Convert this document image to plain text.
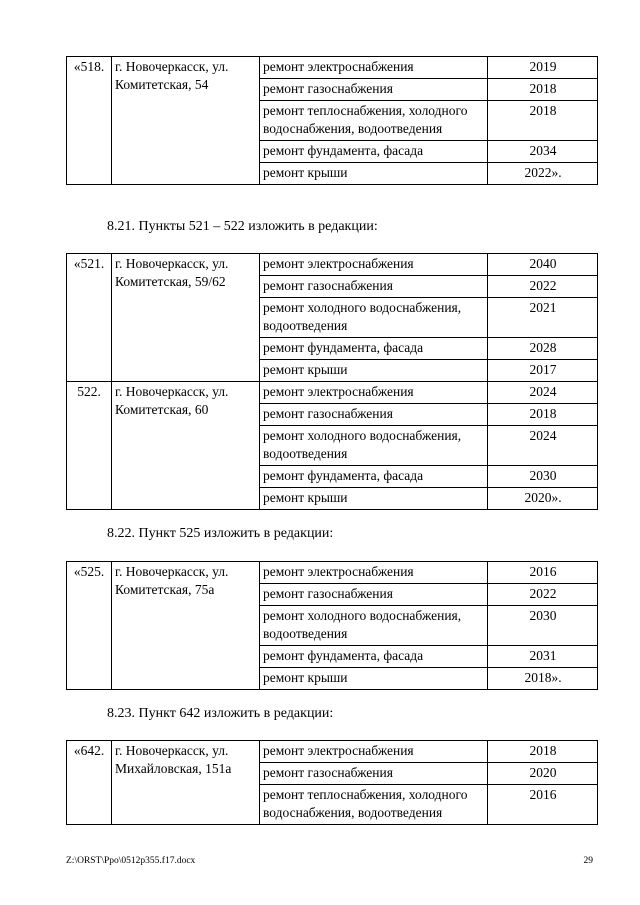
«518.	г. Новочеркасск, ул. Комитетская, 54	ремонт электроснабжения	2019
		ремонт газоснабжения	2018
		ремонт теплоснабжения, холодного водоснабжения, водоотведения	2018
		ремонт фундамента, фасада	2034
		ремонт крыши	2022».

8.21. Пункты 521 – 522 изложить в редакции:

«521.	г. Новочеркасск, ул. Комитетская, 59/62	ремонт электроснабжения	2040
		ремонт газоснабжения	2022
		ремонт холодного водоснабжения, водоотведения	2021
		ремонт фундамента, фасада	2028
		ремонт крыши	2017
522.	г. Новочеркасск, ул. Комитетская, 60	ремонт электроснабжения	2024
		ремонт газоснабжения	2018
		ремонт холодного водоснабжения, водоотведения	2024
		ремонт фундамента, фасада	2030
		ремонт крыши	2020».

8.22. Пункт 525 изложить в редакции:

«525.	г. Новочеркасск, ул. Комитетская, 75а	ремонт электроснабжения	2016
		ремонт газоснабжения	2022
		ремонт холодного водоснабжения, водоотведения	2030
		ремонт фундамента, фасада	2031
		ремонт крыши	2018».

8.23. Пункт 642 изложить в редакции:

«642.	г. Новочеркасск, ул. Михайловская, 151а	ремонт электроснабжения	2018
		ремонт газоснабжения	2020
		ремонт теплоснабжения, холодного водоснабжения, водоотведения	2016
Z:\ORST\Ppo\0512p355.f17.docx	29
